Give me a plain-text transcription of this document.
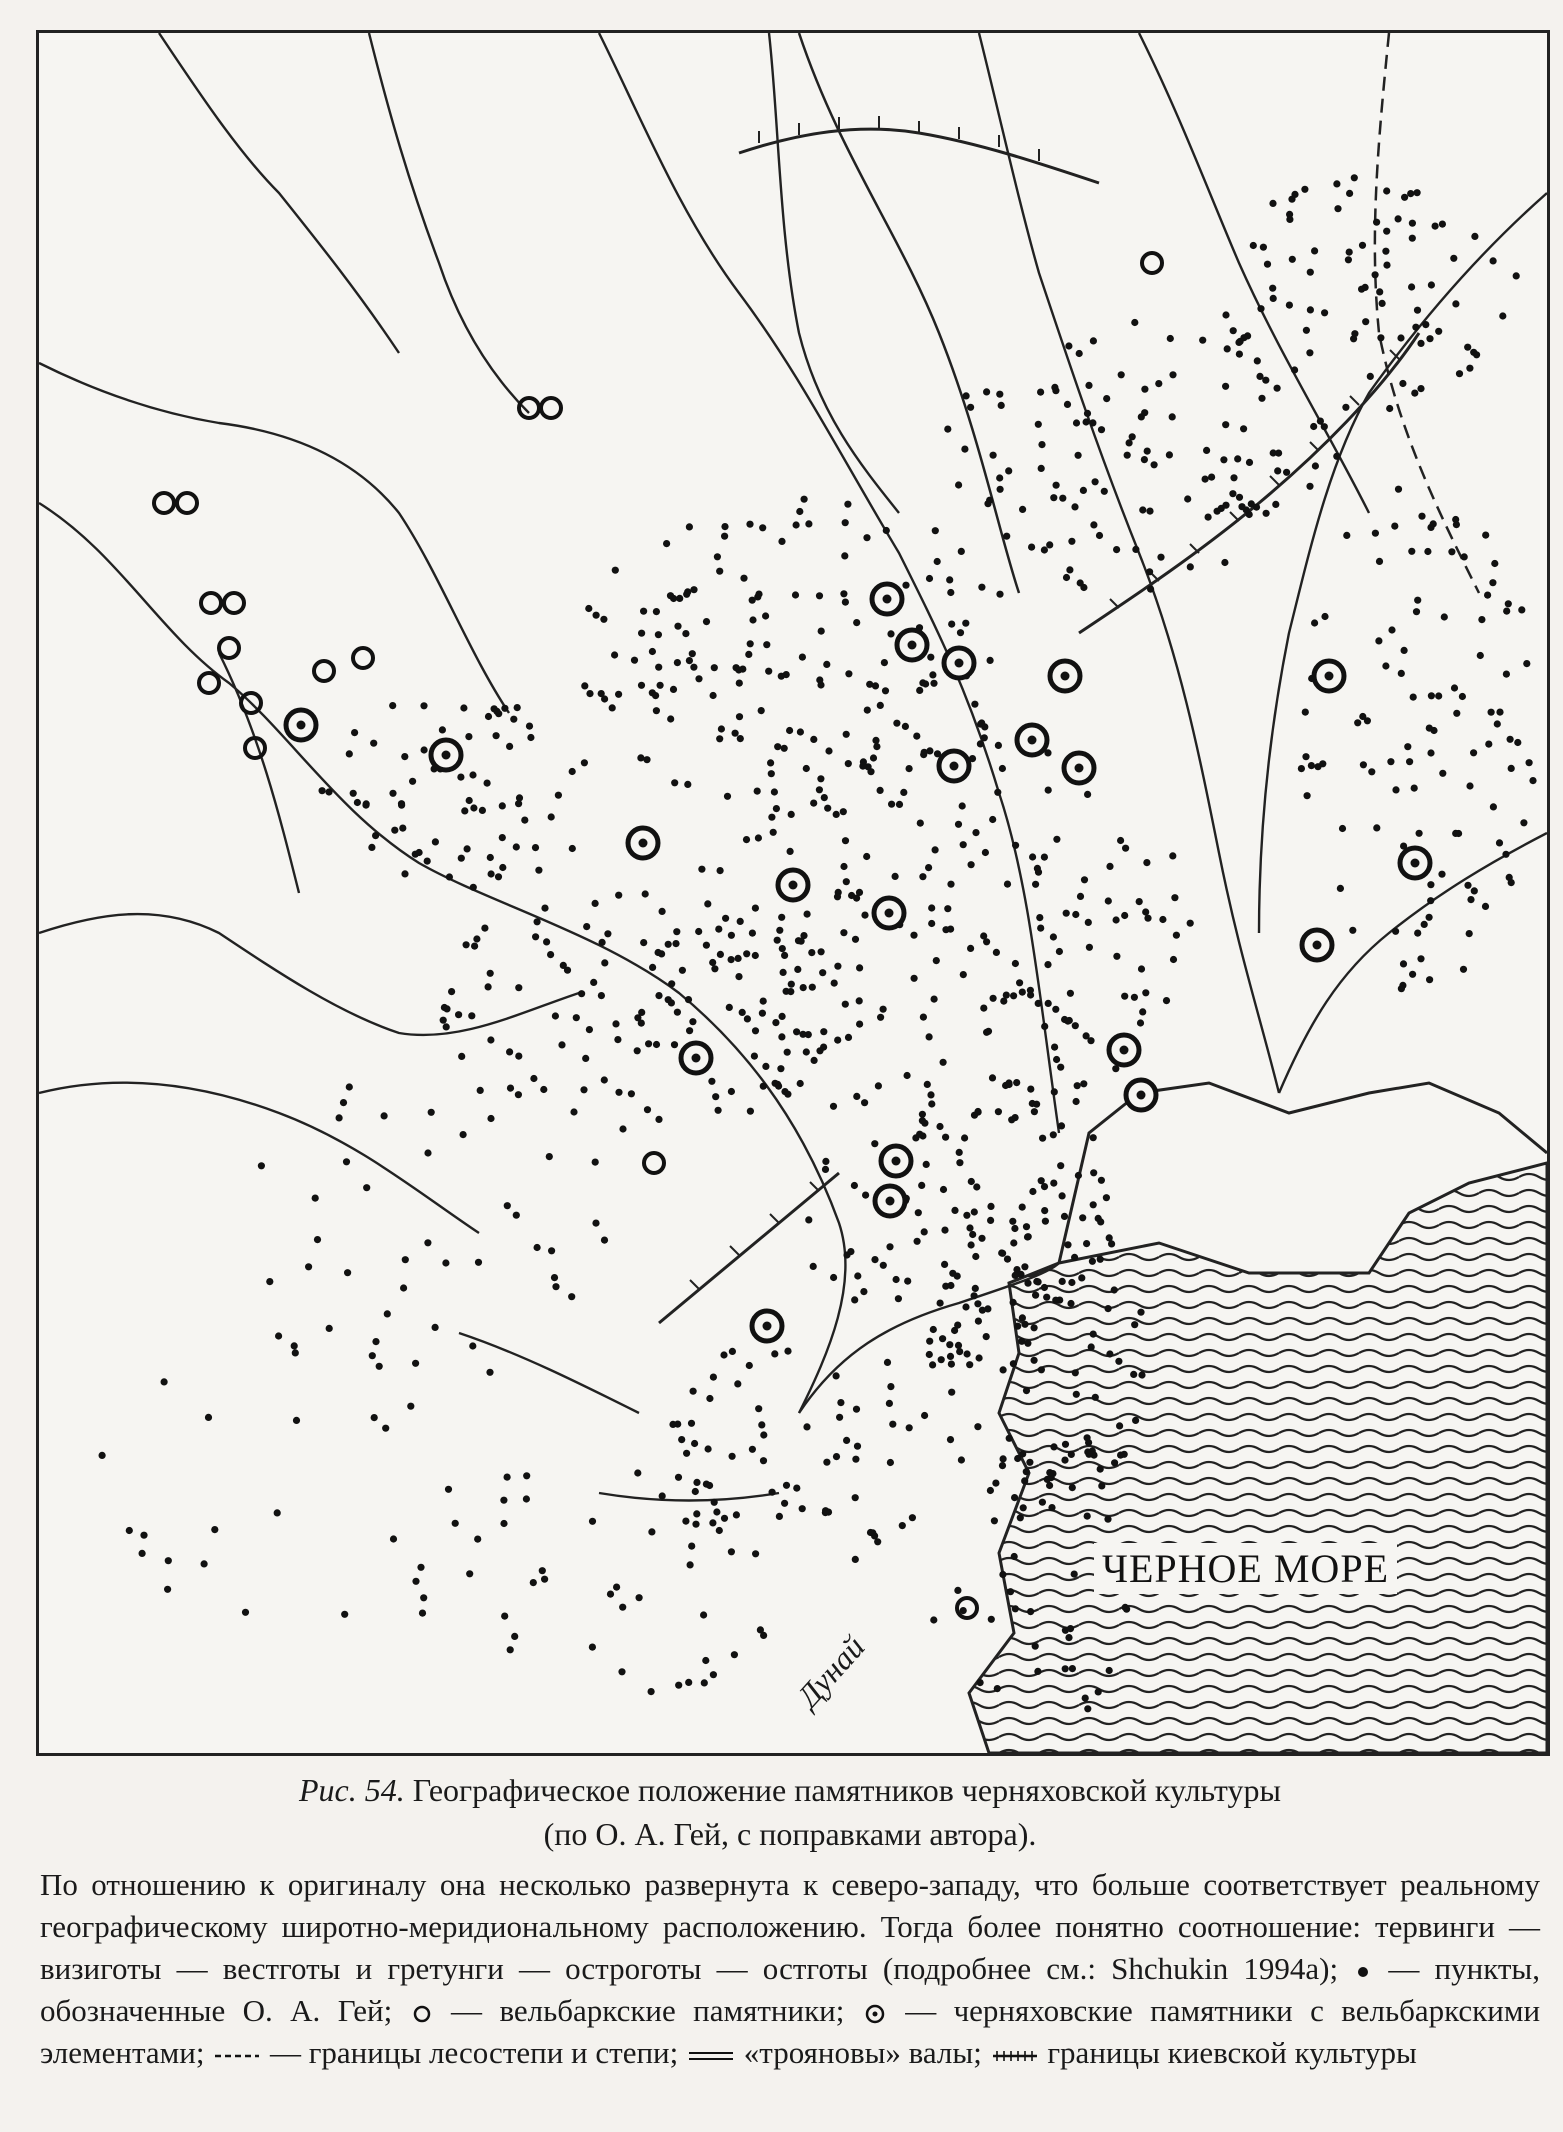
ЧЕРНОЕ МОРЕ
Дунай
Рис. 54. Географическое положение памятников черняховской культуры
(по О. А. Гей, с поправками автора).
По отношению к оригиналу она несколько развернута к северо-западу, что больше соответствует реальному географическому широтно-меридиональному расположению. Тогда более понятно соотношение: тервинги — визиготы — вестготы и гретунги — остроготы — остготы (подробнее см.: Shchukin 1994a); — пункты, обозначенные О. А. Гей; — вельбаркские памятники; — черняховские памятники с вельбаркскими элементами; — границы лесостепи и степи; «трояновы» валы; границы киевской культуры
